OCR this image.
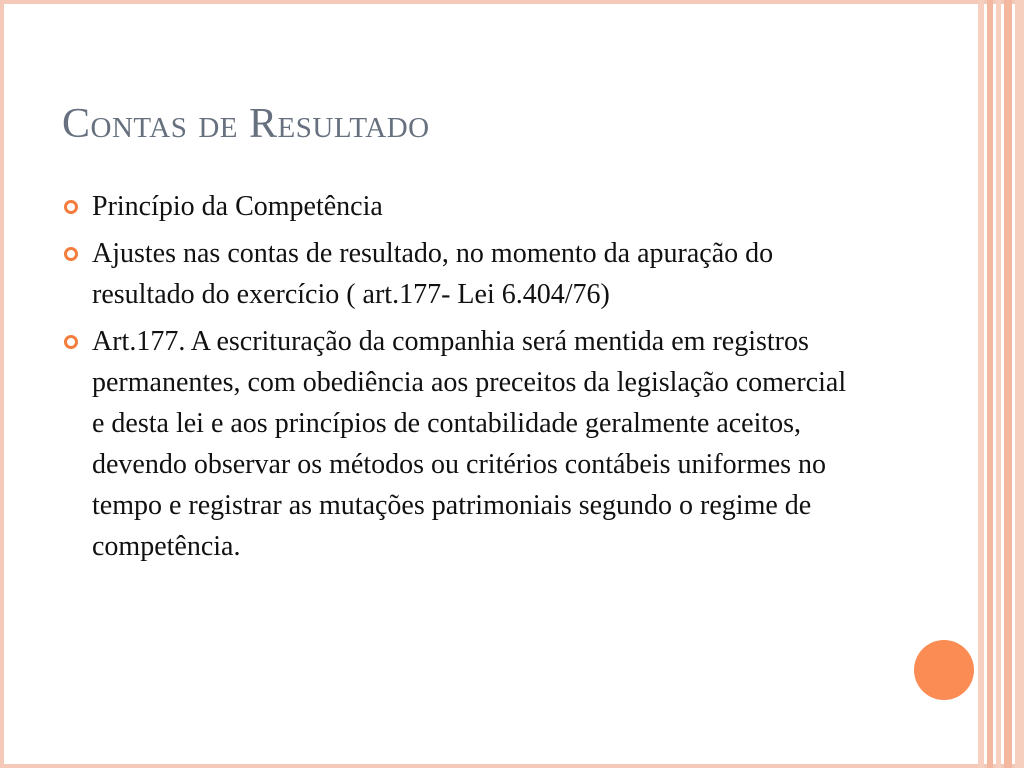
Contas de Resultado
Princípio da Competência
Ajustes nas contas de resultado, no momento da apuração do resultado do exercício ( art.177- Lei 6.404/76)
Art.177. A escrituração da companhia será mentida em registros permanentes, com obediência aos preceitos da legislação comercial e desta lei e aos princípios de contabilidade geralmente aceitos, devendo observar os métodos ou critérios contábeis uniformes no tempo e registrar as mutações patrimoniais segundo o regime de competência.
